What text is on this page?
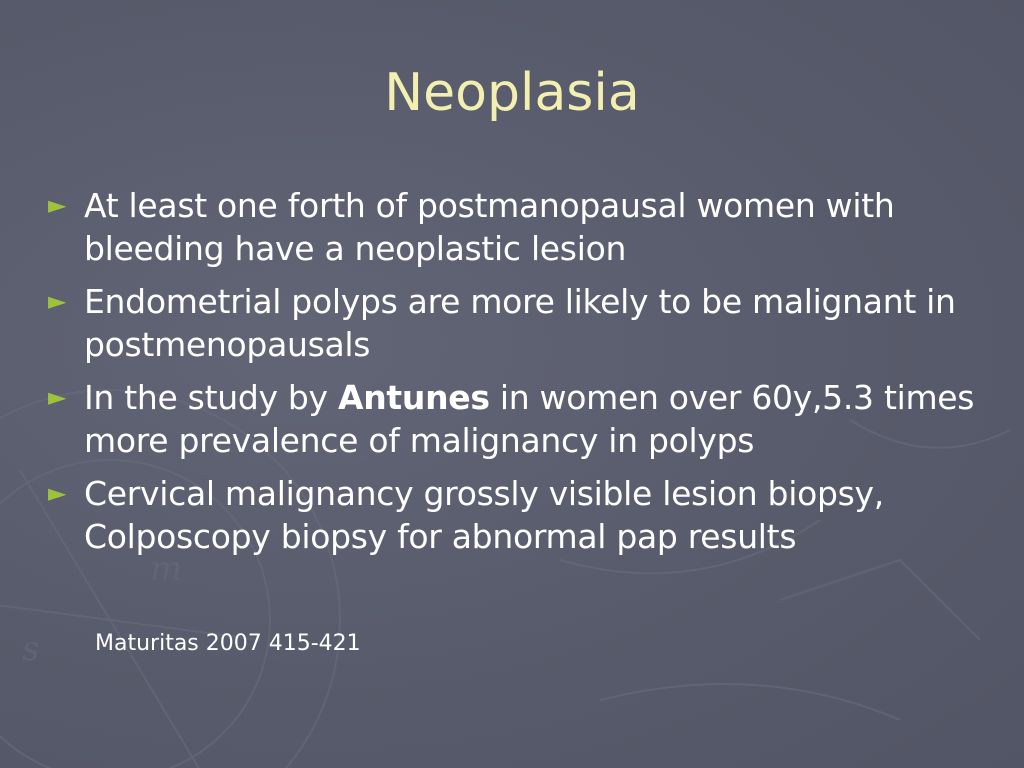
m
s
Neoplasia
► At least one forth of postmanopausal women with bleeding have a neoplastic lesion
► Endometrial polyps are more likely to be malignant in postmenopausals
► In the study by Antunes in women over 60y,5.3 times more prevalence of malignancy in polyps
► Cervical malignancy grossly visible lesion biopsy, Colposcopy biopsy for abnormal pap results

Maturitas 2007 415-421
